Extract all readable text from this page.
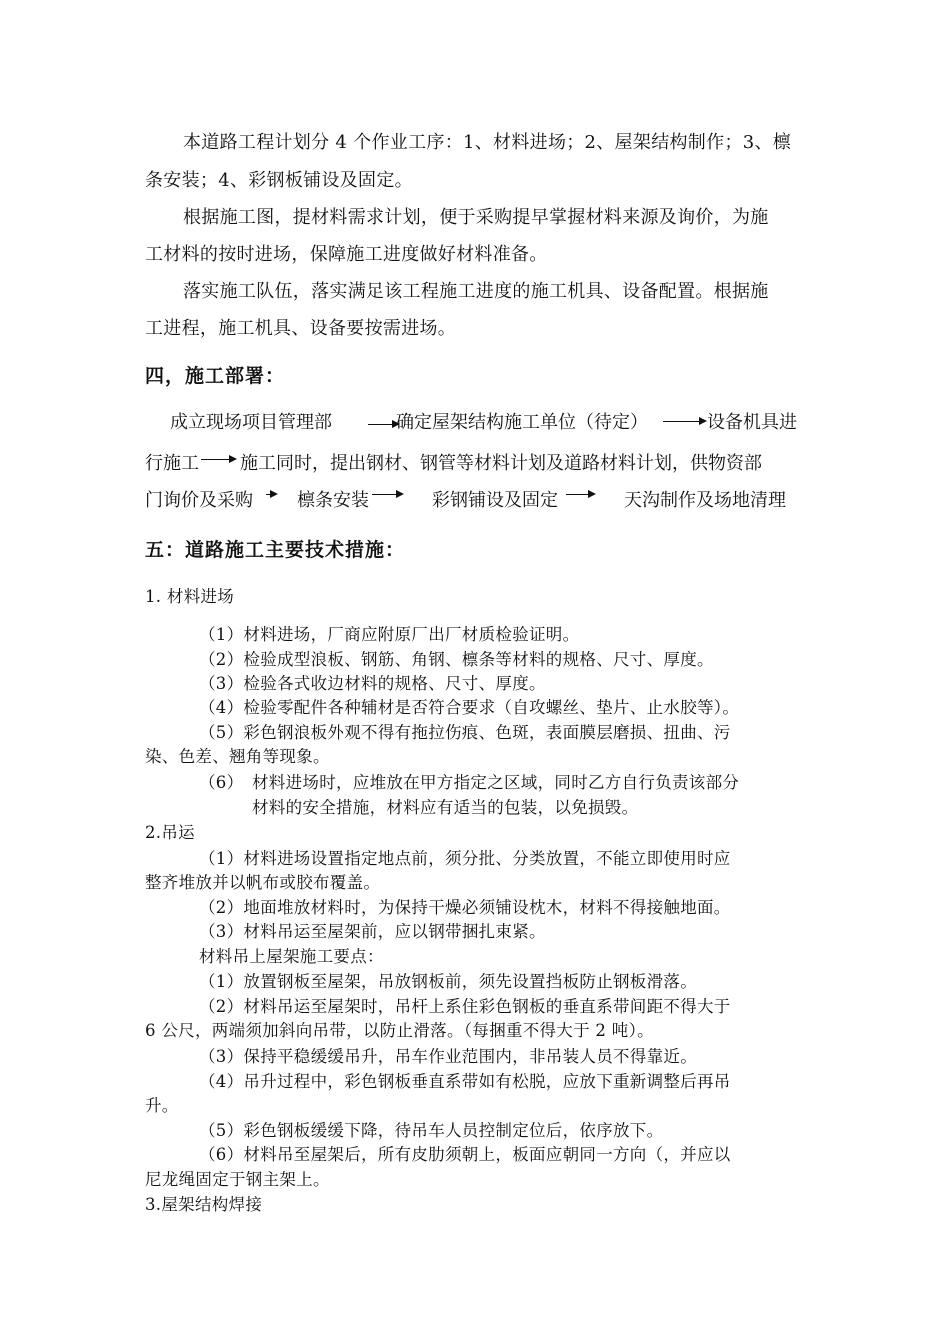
本道路工程计划分 4 个作业工序：1、材料进场；2、屋架结构制作；3、檩
条安装；4、彩钢板铺设及固定。
根据施工图，提材料需求计划，便于采购提早掌握材料来源及询价，为施
工材料的按时进场，保障施工进度做好材料准备。
落实施工队伍，落实满足该工程施工进度的施工机具、设备配置。根据施
工进程，施工机具、设备要按需进场。
四，施工部署：
成立现场项目管理部	确定屋架结构施工单位（待定）	设备机具进
行施工 施工同时，提出钢材、钢管等材料计划及道路材料计划，供物资部
门询价及采购 檩条安装	彩钢铺设及固定	天沟制作及场地清理
五：道路施工主要技术措施：
1. 材料进场
（1）材料进场，厂商应附原厂出厂材质检验证明。
（2）检验成型浪板、钢筋、角钢、檩条等材料的规格、尺寸、厚度。
（3）检验各式收边材料的规格、尺寸、厚度。
（4）检验零配件各种辅材是否符合要求（自攻螺丝、垫片、止水胶等）。
（5）彩色钢浪板外观不得有拖拉伤痕、色斑，表面膜层磨损、扭曲、污
染、色差、翘角等现象。
（6） 材料进场时，应堆放在甲方指定之区域，同时乙方自行负责该部分
材料的安全措施，材料应有适当的包装，以免损毁。
2.吊运
（1）材料进场设置指定地点前，须分批、分类放置，不能立即使用时应
整齐堆放并以帆布或胶布覆盖。
（2）地面堆放材料时，为保持干燥必须铺设枕木，材料不得接触地面。
（3）材料吊运至屋架前，应以钢带捆扎束紧。
材料吊上屋架施工要点：
（1）放置钢板至屋架，吊放钢板前，须先设置挡板防止钢板滑落。
（2）材料吊运至屋架时，吊杆上系住彩色钢板的垂直系带间距不得大于
6 公尺，两端须加斜向吊带，以防止滑落。（每捆重不得大于 2 吨）。
（3）保持平稳缓缓吊升，吊车作业范围内，非吊装人员不得靠近。
（4）吊升过程中，彩色钢板垂直系带如有松脱，应放下重新调整后再吊
升。
（5）彩色钢板缓缓下降，待吊车人员控制定位后，依序放下。
（6）材料吊至屋架后，所有皮肋须朝上，板面应朝同一方向（，并应以
尼龙绳固定于钢主架上。
3.屋架结构焊接
